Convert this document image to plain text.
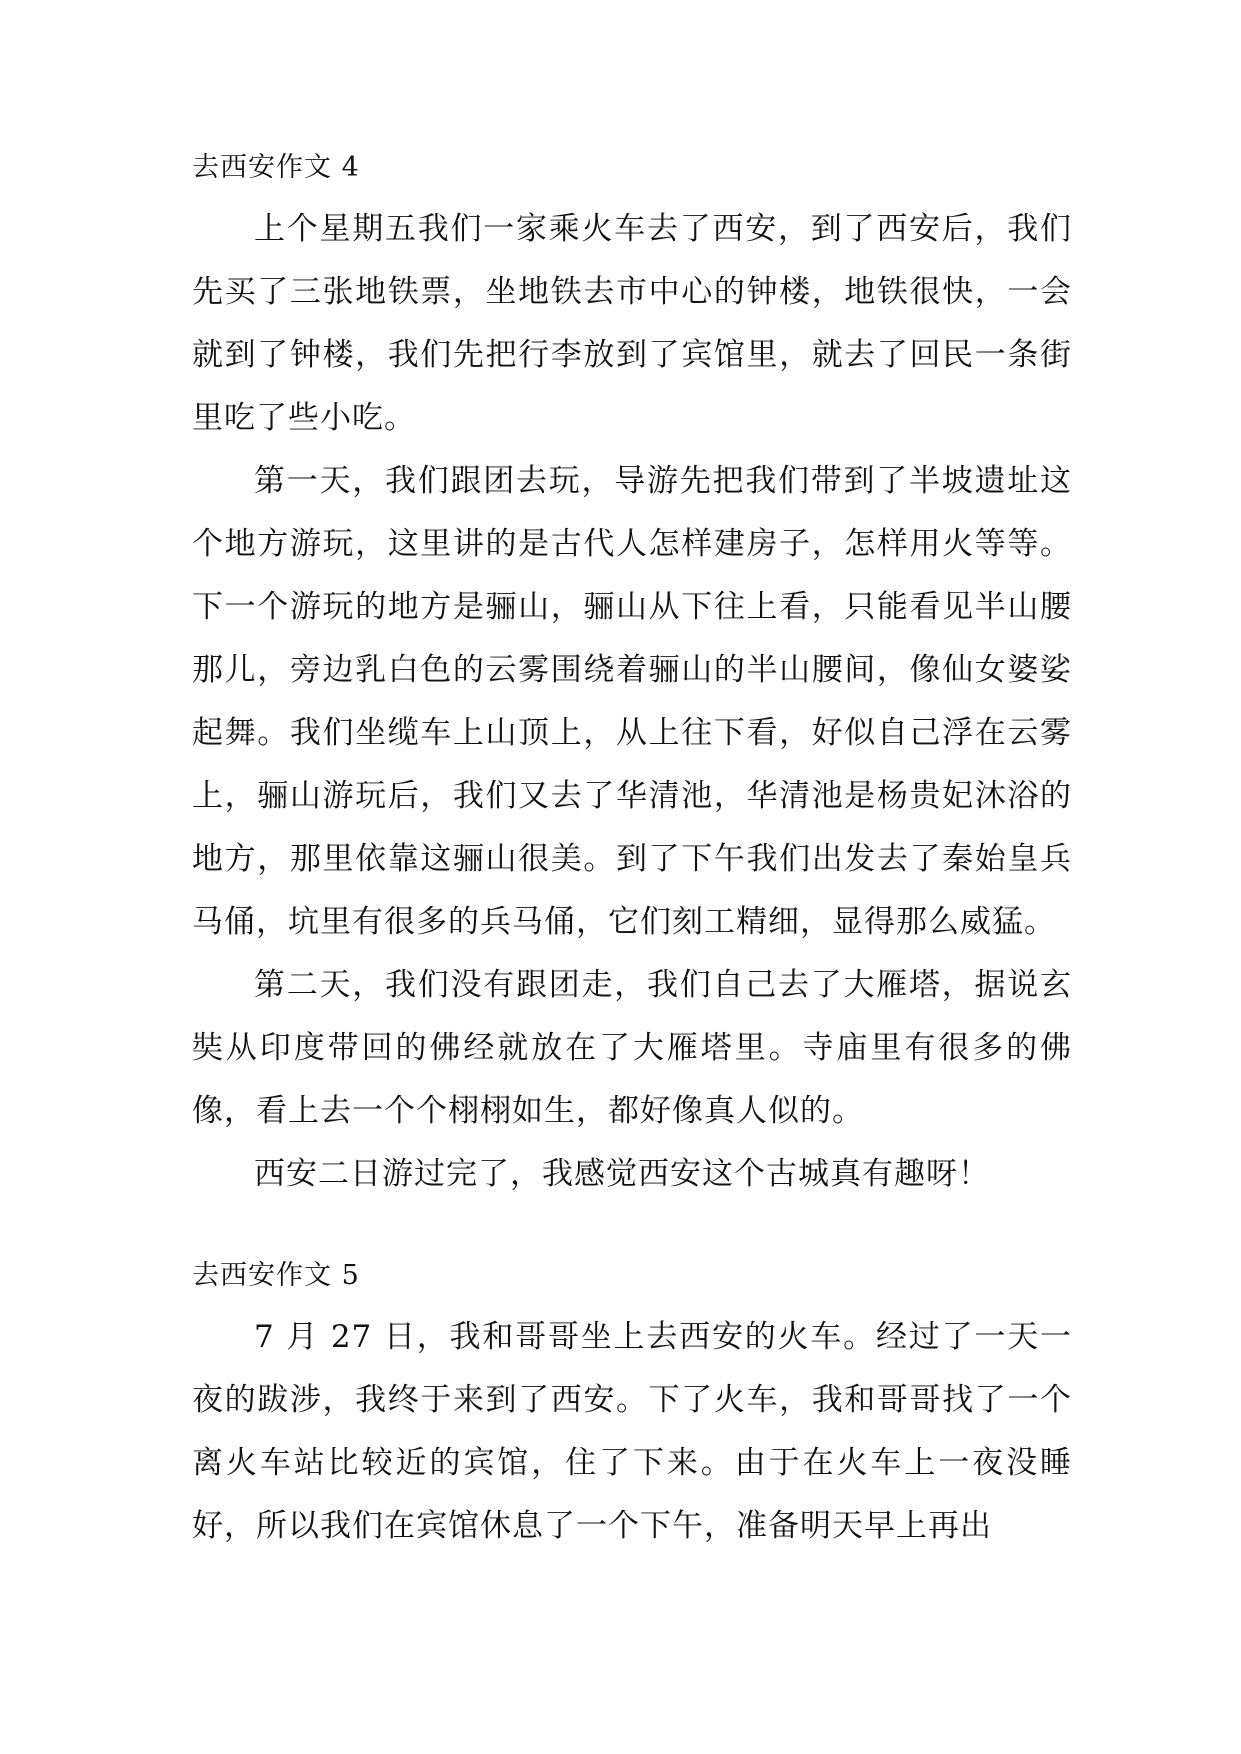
去西安作文 4

上个星期五我们一家乘火车去了西安，到了西安后，我们先买了三张地铁票，坐地铁去市中心的钟楼，地铁很快，一会就到了钟楼，我们先把行李放到了宾馆里，就去了回民一条街里吃了些小吃。

第一天，我们跟团去玩，导游先把我们带到了半坡遗址这个地方游玩，这里讲的是古代人怎样建房子，怎样用火等等。下一个游玩的地方是骊山，骊山从下往上看，只能看见半山腰那儿，旁边乳白色的云雾围绕着骊山的半山腰间，像仙女婆娑起舞。我们坐缆车上山顶上，从上往下看，好似自己浮在云雾上，骊山游玩后，我们又去了华清池，华清池是杨贵妃沐浴的地方，那里依靠这骊山很美。到了下午我们出发去了秦始皇兵马俑，坑里有很多的兵马俑，它们刻工精细，显得那么威猛。

第二天，我们没有跟团走，我们自己去了大雁塔，据说玄奘从印度带回的佛经就放在了大雁塔里。寺庙里有很多的佛像，看上去一个个栩栩如生，都好像真人似的。

西安二日游过完了，我感觉西安这个古城真有趣呀！

去西安作文 5

7 月 27 日，我和哥哥坐上去西安的火车。经过了一天一夜的跋涉，我终于来到了西安。下了火车，我和哥哥找了一个离火车站比较近的宾馆，住了下来。由于在火车上一夜没睡好，所以我们在宾馆休息了一个下午，准备明天早上再出
